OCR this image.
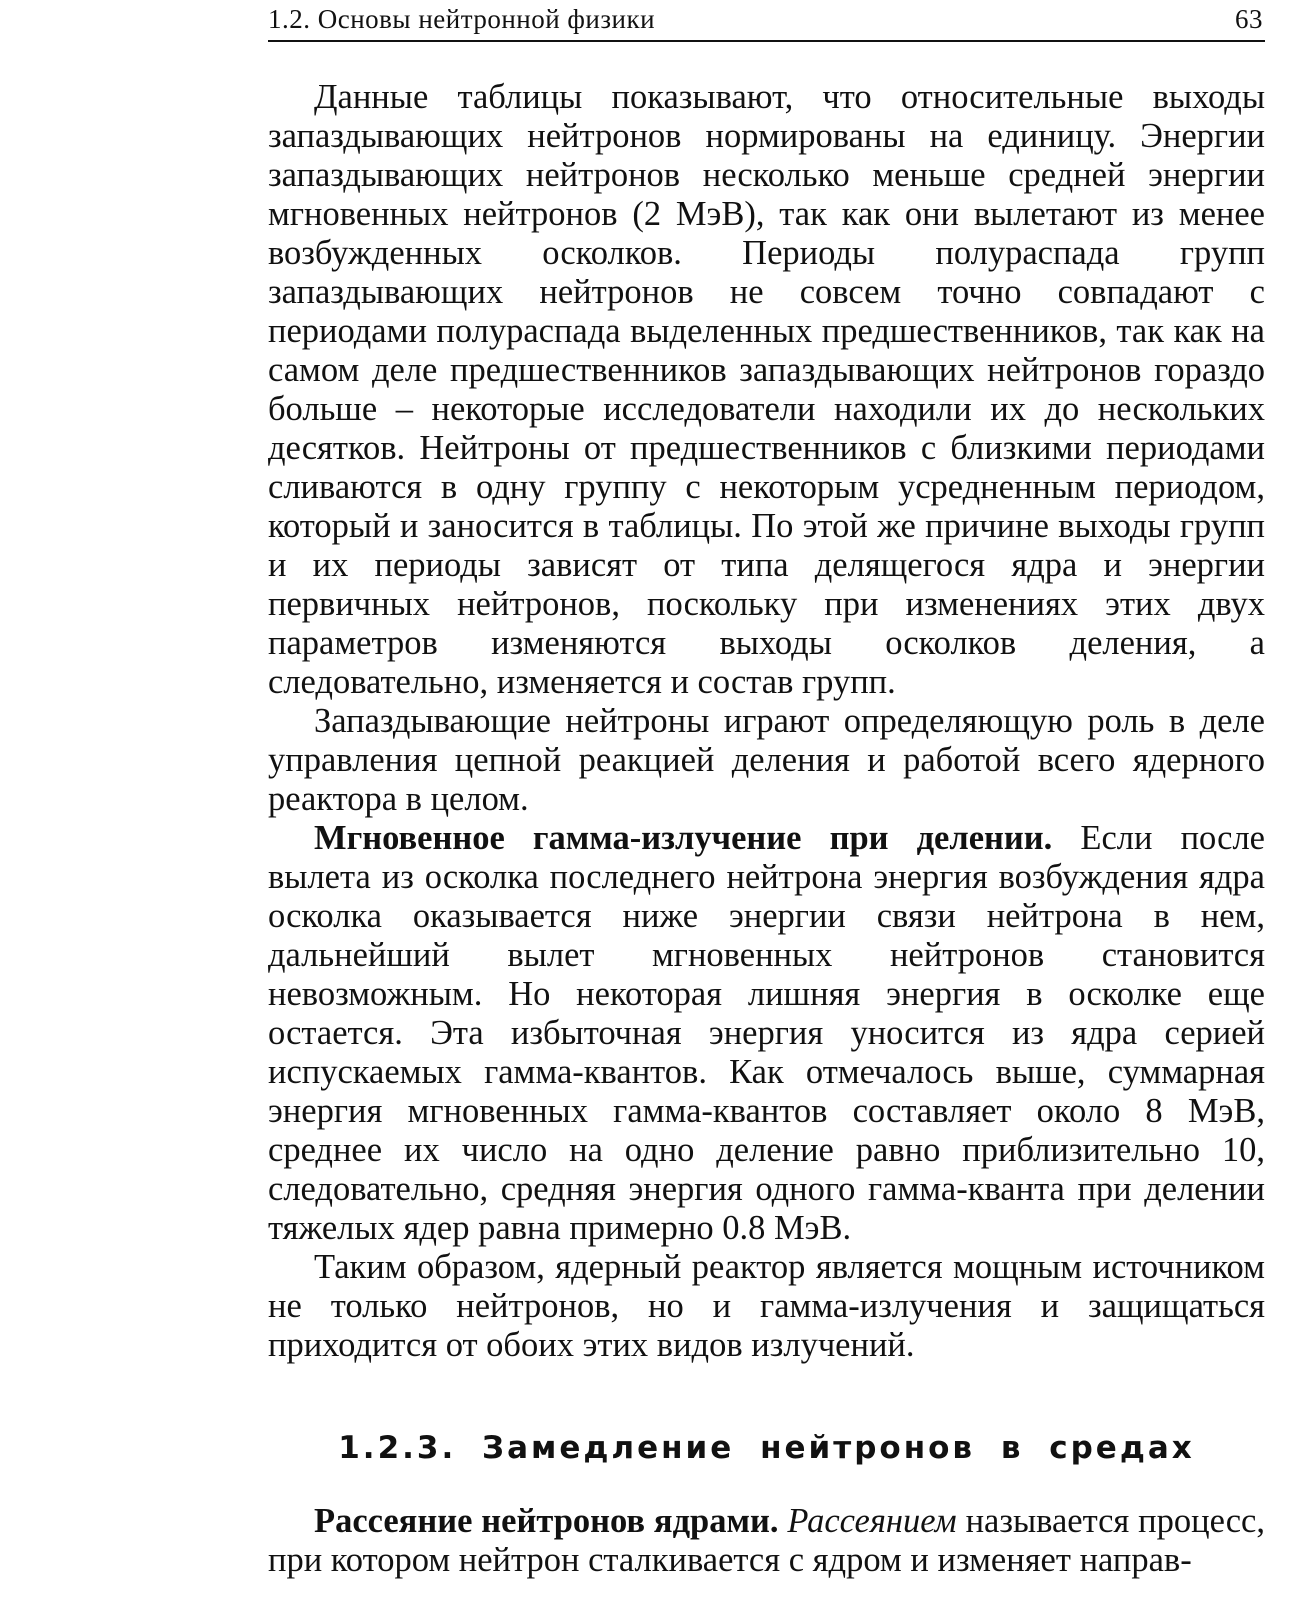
1.2. Основы нейтронной физики	63

Данные таблицы показывают, что относительные выходы запаздывающих нейтронов нормированы на единицу. Энергии запаздывающих нейтронов несколько меньше средней энергии мгновенных нейтронов (2 МэВ), так как они вылетают из менее возбужденных осколков. Периоды полураспада групп запаздывающих нейтронов не совсем точно совпадают с периодами полураспада выделенных предшественников, так как на самом деле предшественников запаздывающих нейтронов гораздо больше – некоторые исследователи находили их до нескольких десятков. Нейтроны от предшественников с близкими периодами сливаются в одну группу с некоторым усредненным периодом, который и заносится в таблицы. По этой же причине выходы групп и их периоды зависят от типа делящегося ядра и энергии первичных нейтронов, поскольку при изменениях этих двух параметров изменяются выходы осколков деления, а следовательно, изменяется и состав групп.

Запаздывающие нейтроны играют определяющую роль в деле управления цепной реакцией деления и работой всего ядерного реактора в целом.

Мгновенное гамма-излучение при делении. Если после вылета из осколка последнего нейтрона энергия возбуждения ядра осколка оказывается ниже энергии связи нейтрона в нем, дальнейший вылет мгновенных нейтронов становится невозможным. Но некоторая лишняя энергия в осколке еще остается. Эта избыточная энергия уносится из ядра серией испускаемых гамма-квантов. Как отмечалось выше, суммарная энергия мгновенных гамма-квантов составляет около 8 МэВ, среднее их число на одно деление равно приблизительно 10, следовательно, средняя энергия одного гамма-кванта при делении тяжелых ядер равна примерно 0.8 МэВ.

Таким образом, ядерный реактор является мощным источником не только нейтронов, но и гамма-излучения и защищаться приходится от обоих этих видов излучений.

1.2.3. Замедление нейтронов в средах

Рассеяние нейтронов ядрами. Рассеянием называется процесс, при котором нейтрон сталкивается с ядром и изменяет направ-
